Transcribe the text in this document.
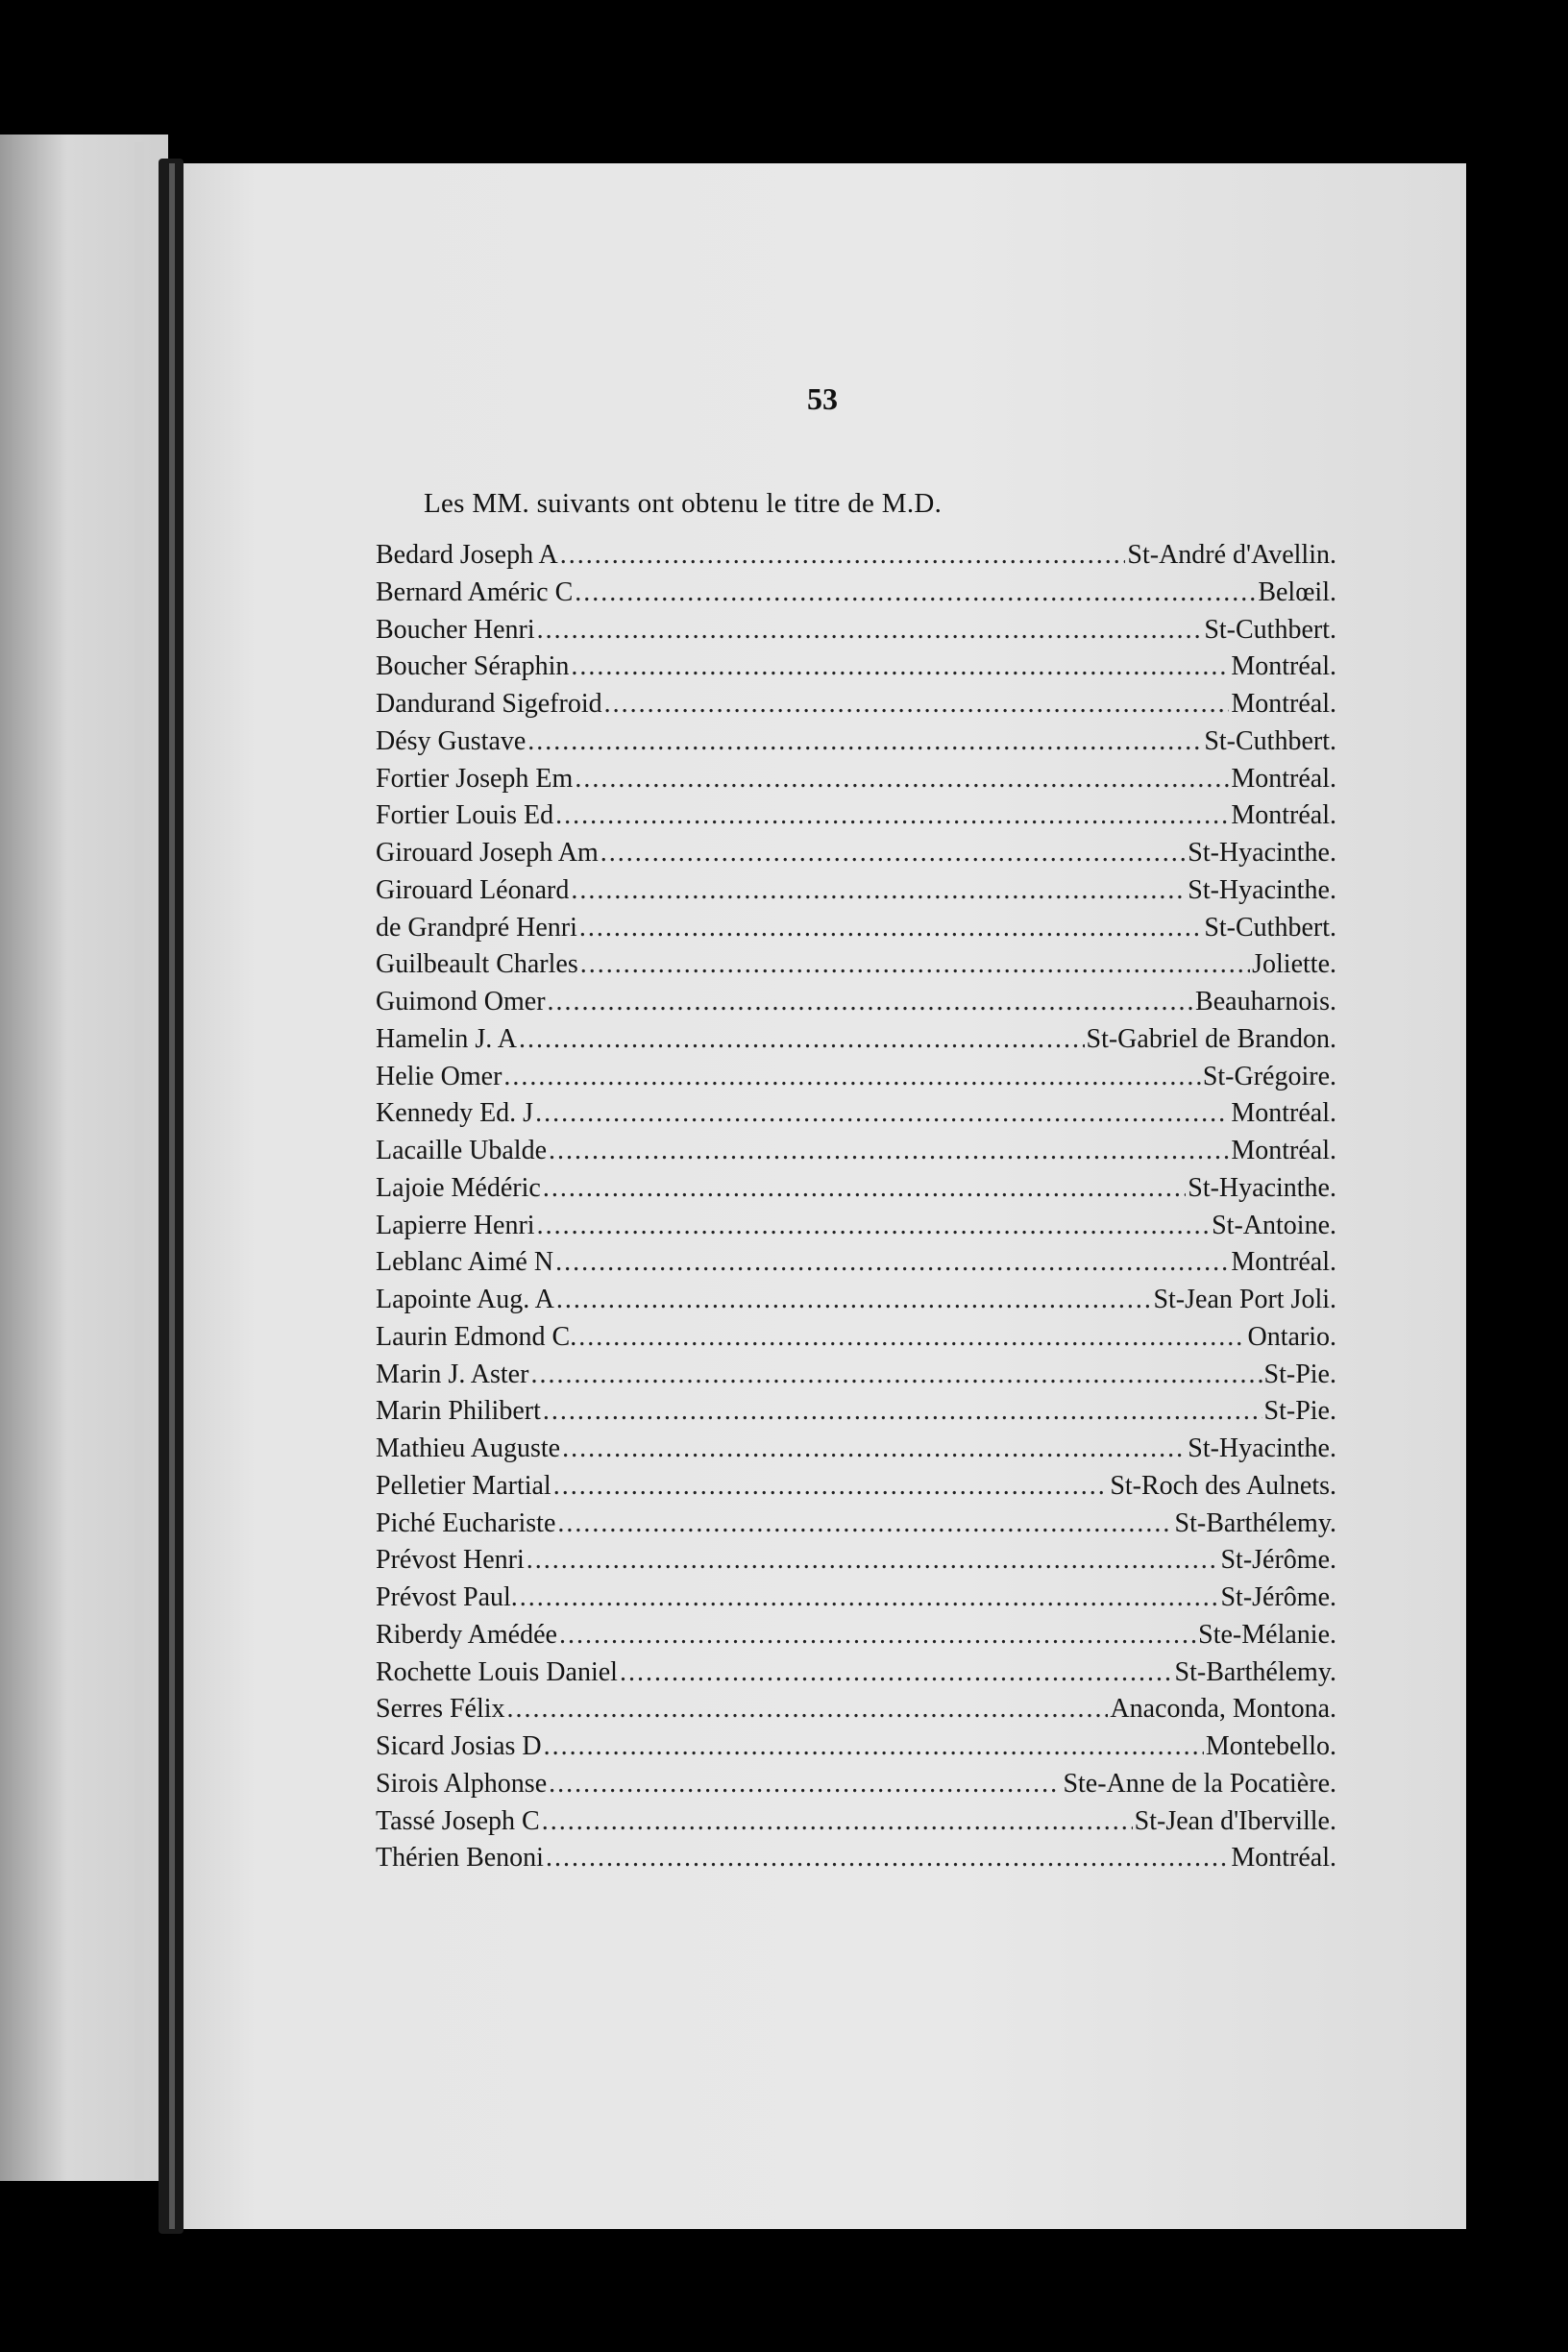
53
Les MM. suivants ont obtenu le titre de M.D.
Bedard Joseph A .....	St-André d'Avellin.
Bernard Améric C .....	Belœil.
Boucher Henri .....	St-Cuthbert.
Boucher Séraphin .....	Montréal.
Dandurand Sigefroid .....	Montréal.
Désy Gustave .....	St-Cuthbert.
Fortier Joseph Em .....	Montréal.
Fortier Louis Ed .....	Montréal.
Girouard Joseph Am .....	St-Hyacinthe.
Girouard Léonard .....	St-Hyacinthe.
de Grandpré Henri .....	St-Cuthbert.
Guilbeault Charles .....	Joliette.
Guimond Omer .....	Beauharnois.
Hamelin J. A .....	St-Gabriel de Brandon.
Helie Omer .....	St-Grégoire.
Kennedy Ed. J .....	Montréal.
Lacaille Ubalde .....	Montréal.
Lajoie Médéric .....	St-Hyacinthe.
Lapierre Henri .....	St-Antoine.
Leblanc Aimé N .....	Montréal.
Lapointe Aug. A .....	St-Jean Port Joli.
Laurin Edmond C. .....	Ontario.
Marin J. Aster .....	St-Pie.
Marin Philibert .....	St-Pie.
Mathieu Auguste .....	St-Hyacinthe.
Pelletier Martial .....	St-Roch des Aulnets.
Piché Euchariste .....	St-Barthélemy.
Prévost Henri .....	St-Jérôme.
Prévost Paul. .....	St-Jérôme.
Riberdy Amédée .....	Ste-Mélanie.
Rochette Louis Daniel .....	St-Barthélemy.
Serres Félix .....	Anaconda, Montona.
Sicard Josias D .....	Montebello.
Sirois Alphonse .....	Ste-Anne de la Pocatière.
Tassé Joseph C .....	St-Jean d'Iberville.
Thérien Benoni .....	Montréal.
